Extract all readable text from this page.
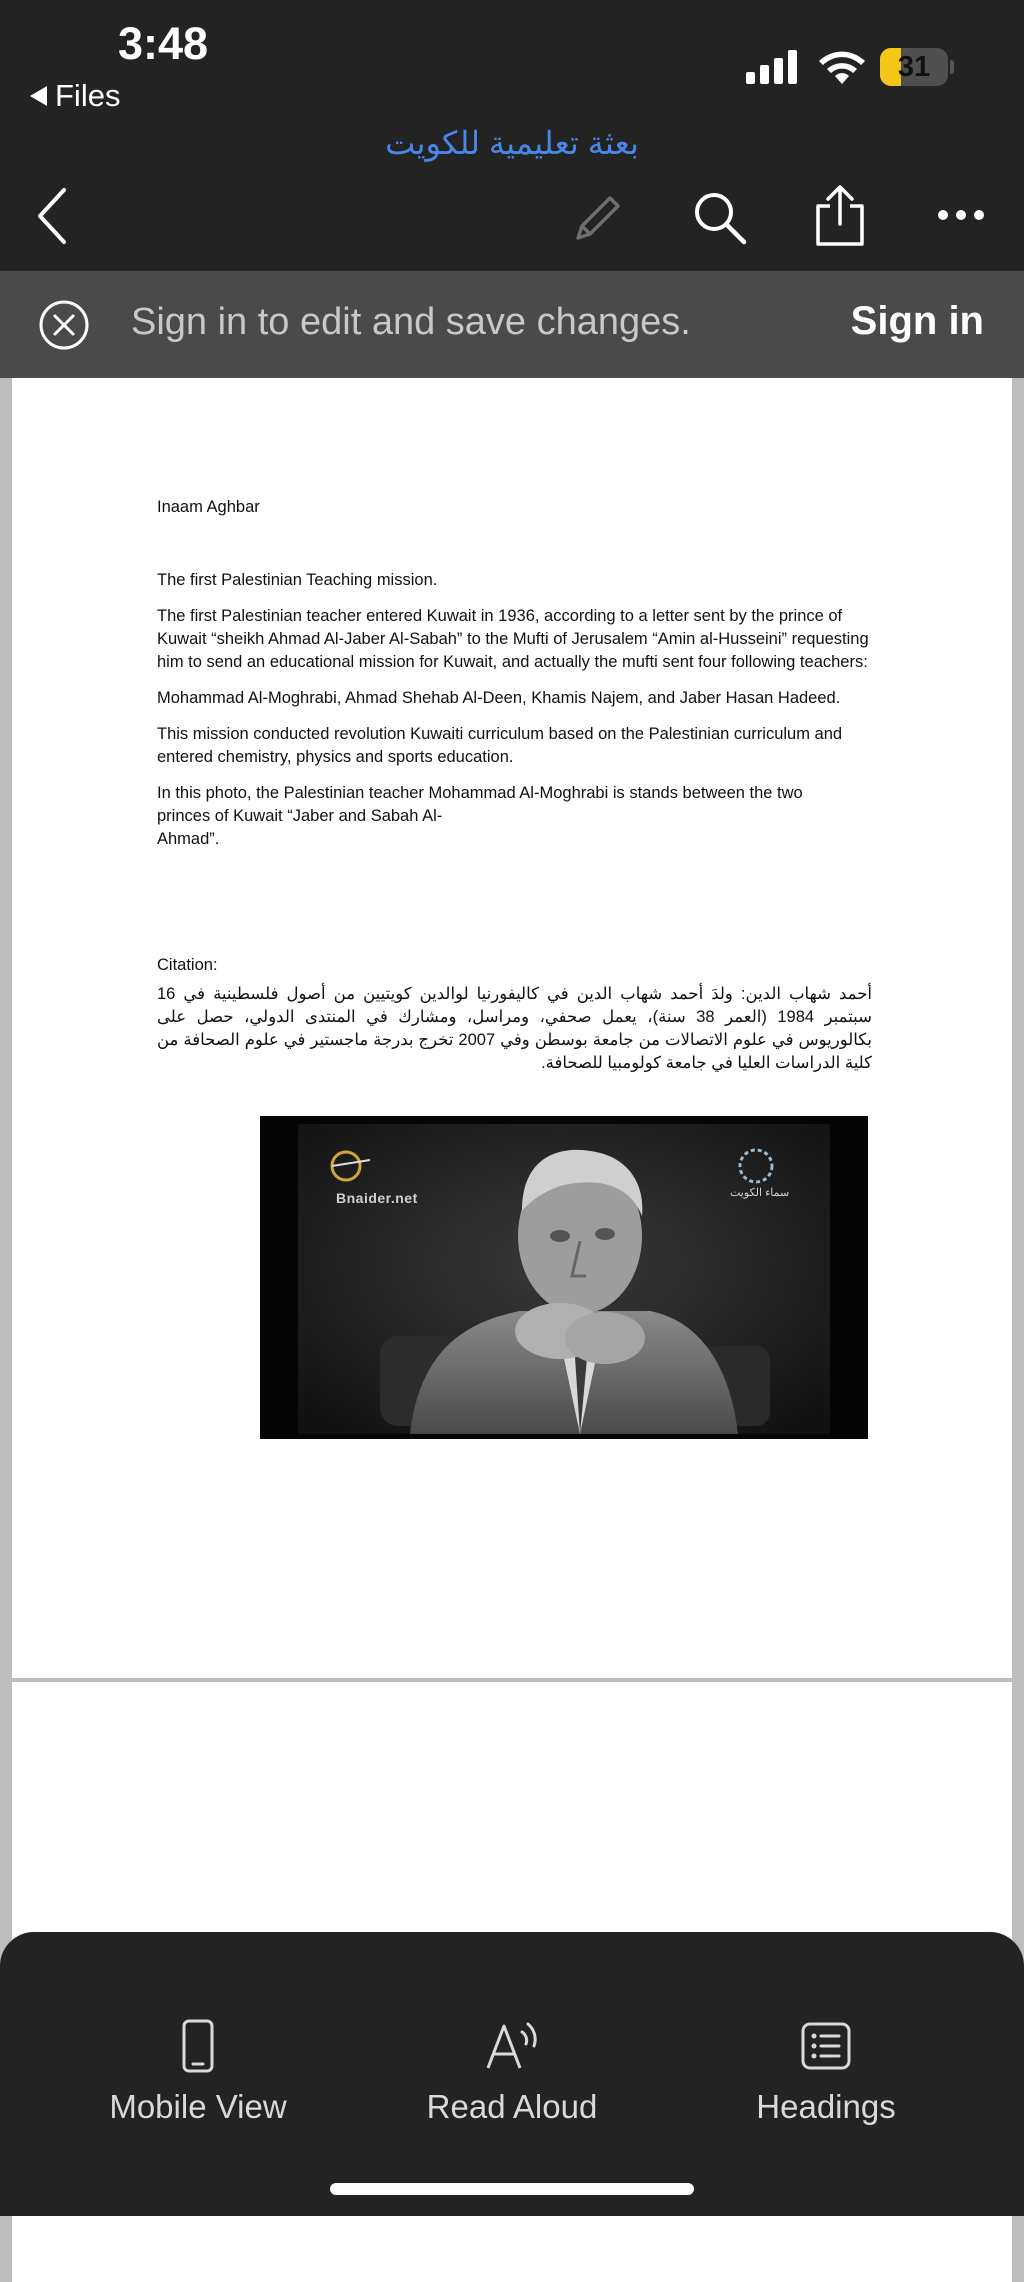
3:48
Files
31
بعثة تعليمية للكويت
Sign in to edit and save changes.	Sign in

Inaam Aghbar

The first Palestinian Teaching mission.

The first Palestinian teacher entered Kuwait in 1936, according to a letter sent by the prince of Kuwait “sheikh Ahmad Al-Jaber Al-Sabah” to the Mufti of Jerusalem “Amin al-Husseini” requesting him to send an educational mission for Kuwait, and actually the mufti sent four following teachers:

Mohammad Al-Moghrabi, Ahmad Shehab Al-Deen, Khamis Najem, and Jaber Hasan Hadeed.

This mission conducted revolution Kuwaiti curriculum based on the Palestinian curriculum and entered chemistry, physics and sports education.

In this photo, the Palestinian teacher Mohammad Al-Moghrabi is stands between the two
princes of Kuwait “Jaber and Sabah Al-
Ahmad”.

Citation:

أحمد شهاب الدين: ولدَ أحمد شهاب الدين في كاليفورنيا لوالدين كويتيين من أصول فلسطينية في 16 سبتمبر 1984 (العمر 38 سنة)، يعمل صحفي، ومراسل، ومشارك في المنتدى الدولي، حصل على بكالوريوس في علوم الاتصالات من جامعة بوسطن وفي 2007 تخرج بدرجة ماجستير في علوم الصحافة من كلية الدراسات العليا في جامعة كولومبيا للصحافة.

Bnaider.net	سماء الكويت
Mobile View	Read Aloud	Headings
